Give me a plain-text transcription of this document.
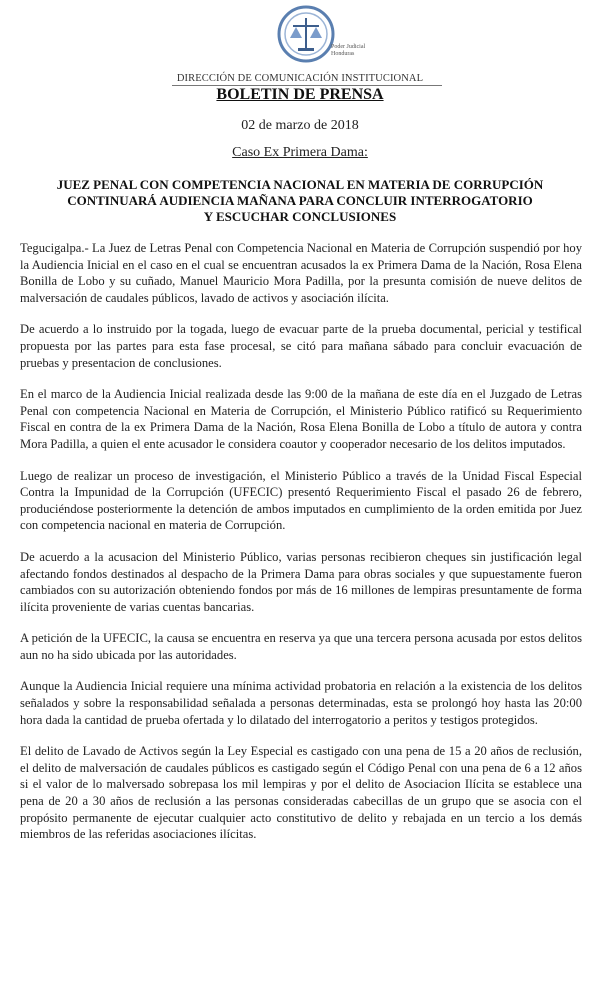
Poder Judicial
Honduras
DIRECCIÓN DE COMUNICACIÓN INSTITUCIONAL
BOLETIN DE PRENSA
02 de marzo de 2018
Caso Ex Primera Dama:
JUEZ PENAL CON COMPETENCIA NACIONAL EN MATERIA DE CORRUPCIÓN
CONTINUARÁ AUDIENCIA MAÑANA PARA CONCLUIR INTERROGATORIO
Y ESCUCHAR CONCLUSIONES

Tegucigalpa.- La Juez de Letras Penal con Competencia Nacional en Materia de Corrupción suspendió por hoy la Audiencia Inicial en el caso en el cual se encuentran acusados la ex Primera Dama de la Nación, Rosa Elena Bonilla de Lobo y su cuñado, Manuel Mauricio Mora Padilla, por la presunta comisión de nueve delitos de malversación de caudales públicos, lavado de activos y asociación ilícita.

De acuerdo a lo instruido por la togada, luego de evacuar parte de la prueba documental, pericial y testifical propuesta por las partes para esta fase procesal, se citó para mañana sábado para concluir evacuación de pruebas y presentacion de conclusiones.

En el marco de la Audiencia Inicial realizada desde las 9:00 de la mañana de este día en el Juzgado de Letras Penal con competencia Nacional en Materia de Corrupción, el Ministerio Público ratificó su Requerimiento Fiscal en contra de la ex Primera Dama de la Nación, Rosa Elena Bonilla de Lobo a título de autora y contra Mora Padilla, a quien el ente acusador le considera coautor y cooperador necesario de los delitos imputados.

Luego de realizar un proceso de investigación, el Ministerio Público a través de la Unidad Fiscal Especial Contra la Impunidad de la Corrupción (UFECIC) presentó Requerimiento Fiscal el pasado 26 de febrero, produciéndose posteriormente la detención de ambos imputados en cumplimiento de la orden emitida por Juez con competencia nacional en materia de Corrupción.

De acuerdo a la acusacion del Ministerio Público, varias personas recibieron cheques sin justificación legal afectando fondos destinados al despacho de la Primera Dama para obras sociales y que supuestamente fueron cambiados con su autorización obteniendo fondos por más de 16 millones de lempiras presuntamente de forma ilícita proveniente de varias cuentas bancarias.

A petición de la UFECIC, la causa se encuentra en reserva ya que una tercera persona acusada por estos delitos aun no ha sido ubicada por las autoridades.

Aunque la Audiencia Inicial requiere una mínima actividad probatoria en relación a la existencia de los delitos señalados y sobre la responsabilidad señalada a personas determinadas, esta se prolongó hoy hasta las 20:00 hora dada la cantidad de prueba ofertada y lo dilatado del interrogatorio a peritos y testigos protegidos.

El delito de Lavado de Activos según la Ley Especial es castigado con una pena de 15 a 20 años de reclusión, el delito de malversación de caudales públicos es castigado según el Código Penal con una pena de 6 a 12 años si el valor de lo malversado sobrepasa los mil lempiras y por el delito de Asociacion Ilícita se establece una pena de 20 a 30 años de reclusión a las personas consideradas cabecillas de un grupo que se asocia con el propósito permanente de ejecutar cualquier acto constitutivo de delito y rebajada en un tercio a los demás miembros de las referidas asociaciones ilícitas.
